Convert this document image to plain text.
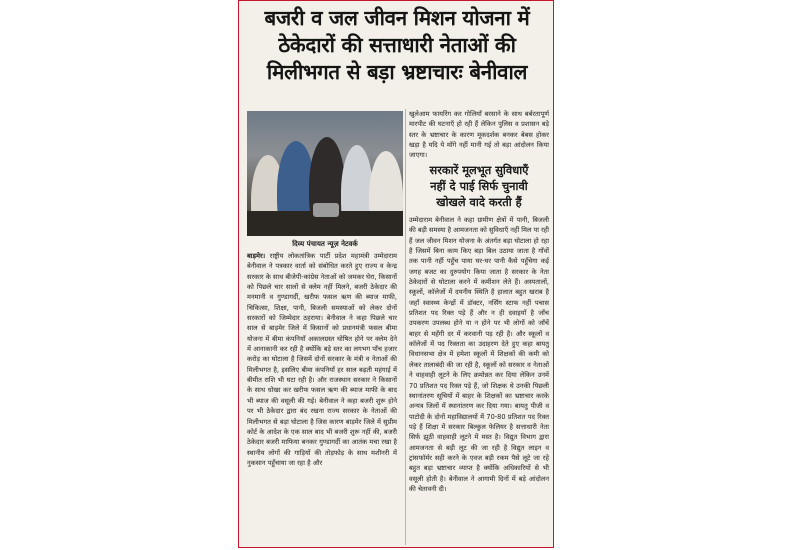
बजरी व जल जीवन मिशन योजना में
ठेकेदारों की सत्ताधारी नेताओं की
मिलीभगत से बड़ा भ्रष्टाचारः बेनीवाल
दिव्य पंचायत न्यूज़ नेटवर्क

बाड़मेर। राष्ट्रीय लोकतांत्रिक पार्टी प्रदेश महामंत्री उम्मेदाराम बेनीवाल ने पत्रकार वार्ता को संबोधित करते हुए राज्य व केन्द्र सरकार के साथ बीजेपी-कांग्रेस नेताओं को जमकर घेरा, किसानों को पिछले चार सालों से क्लेम नहीं मिलने, बजरी ठेकेदार की मनमानी व गुण्डागर्दी, खरीफ फसल ऋण की ब्याज माफी, चिकित्सा, शिक्षा, पानी, बिजली समस्याओं को लेकर दोनों सरकारों को जिम्मेदार ठहराया। बेनीवाल ने कहा पिछले चार साल से बाड़मेर जिले में किसानों को प्रधानमंत्री फसल बीमा योजना में बीमा कंपनियाँ अकालग्रस्त घोषित होने पर क्लेम देने में आनाकानी कर रही है क्योंकि बड़े स्तर का लगभग पाँच हजार करोड़ का घोटाला है जिसमें दोनों सरकार के मंत्री व नेताओं की मिलीभगत है, इसलिए बीमा कंपनियाँ हर साल बढ़ती महंगाई में बीमीत राशि भी घटा रही है। और राजस्थान सरकार ने किसानों के साथ धोखा कर खरीफ फसल ऋण की ब्याज माफी के बाद भी ब्याज की वसूली की गई। बेनीवाल ने कहा बजरी शुरू होने पर भी ठेकेदार द्वारा बंद रखना राज्य सरकार के नेताओं की मिलीभगत से बड़ा घोटाला है जिस कारण बाड़मेर जिले में सुप्रीम कोर्ट के आदेश के एक साल बाद भी बजरी शुरू नहीं की, बजरी ठेकेदार बजरी माफिया बनकर गुण्डागर्दी का आतंक मचा रखा है स्थानीय लोगों की गाड़ियों की तोड़फोड़ के साथ मशीनरी में नुकसान पहुँचाया जा रहा है और

खुलेआम फायरिंग कर गोलियाँ बरसाने के साथ बर्बरतापूर्ण मारपीट की घटनाएँ हो रही हैं लेकिन पुलिस व प्रशासन बड़े स्तर के भ्रष्टाचार के कारण मूकदर्शक बनकर बेबस होकर खड़ा है यदि ये माँगे नहीं मानी गई तो बड़ा आंदोलन किया जाएगा।

सरकारें मूलभूत सुविधाएँ
नहीं दे पाई सिर्फ चुनावी
खोखले वादे करती हैं

उम्मेदाराम बेनीवाल ने कहा ग्रामीण क्षेत्रों में पानी, बिजली की बड़ी समस्या है आमजनता को सुविधाएँ नहीं मिल पा रही हैं जल जीवन मिशन योजना के अंतर्गत बड़ा घोटाला हो रहा है जिसमें बिना काम किए बड़ा बिल उठाया जाता है गाँवों तक पानी नहीं पहुँच पाया घर-घर पानी कैसे पहुँचेगा कई जगह बजट का दुरुपयोग किया जाता है सरकार के नेता ठेकेदारों से घोटाला करने में कमीशन लेते हैं। अस्पतालों, स्कूलों, कॉलेजों में दयनीय स्थिति है हालात बहुत खराब है जहाँ स्वास्थ्य केन्द्रों में डॉक्टर, नर्सिंग स्टाफ नहीं पचास प्रतिशत पद रिक्त पड़े हैं और न ही दवाइयाँ है जाँच उपकरण उपलब्ध होने या न होने पर भी लोगों को जाँचें बाहर से महँगी दर में करवानी पड़ रही है। और स्कूलों व कॉलेजों में पद रिक्तता का उदाहरण देते हुए कहा बायतु विधानसभा क्षेत्र में हमेशा स्कूलों में शिक्षकों की कमी को लेकर तालाबंदी की जा रही है, स्कूलों को सरकार व नेताओं ने वाहवाही लूटने के लिए क्रमोन्नत कर दिया लेकिन उनमें 70 प्रतिशत पद रिक्त पड़े हैं, जो शिक्षक थे उनकी पिछली स्थानांतरण सूचियों में बाहर के शिक्षकों का भ्रष्टाचार करके अन्यत्र जिलों में स्थानांतरण कर दिया गया। बायतु पीजी व पाटोदी के दोनों महाविद्यालयों में 70-80 प्रतिशत पद रिक्त पड़े हैं शिक्षा में सरकार बिल्कुल फेलियर है सत्ताधारी नेता सिर्फ झूठी वाहवाही लूटने में मस्त है। विद्युत विभाग द्वारा आमजनता से बड़ी लूट की जा रही है विद्युत लाइन व ट्रांसफॉर्मर सही करने के एवज बड़ी रकम पैसे लूटे जा रहे बहुत बड़ा भ्रष्टाचार व्याप्त है क्योंकि अधिकारियों से भी वसूली होती है। बेनीवाल ने आगामी दिनों में बड़े आंदोलन की चेतावनी दी।
